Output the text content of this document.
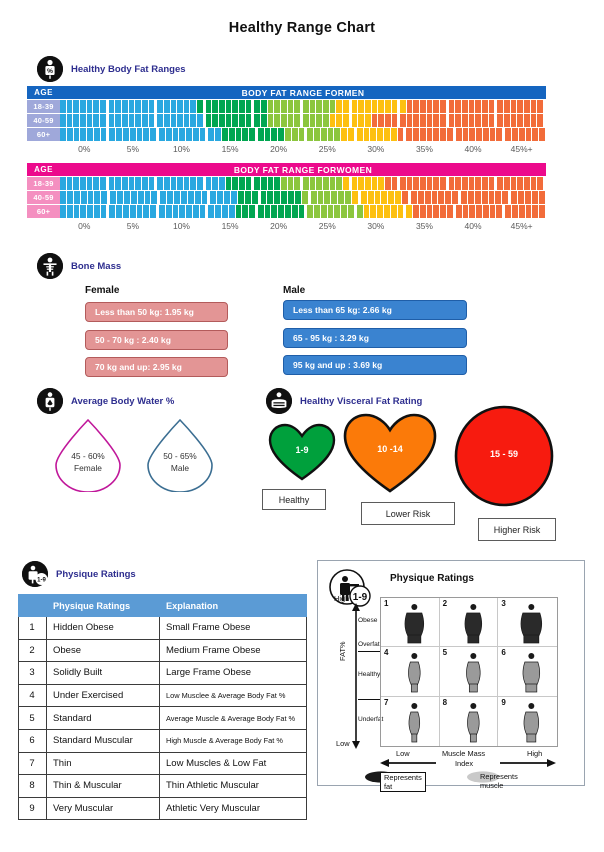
Healthy Range Chart
% Healthy Body Fat Ranges
AGE	BODY FAT RANGE FOR MEN
18-39
40-59
60+
0%	5%	10%	15%	20%	25%	30%	35%	40%	45%+
AGE	BODY FAT RANGE FOR WOMEN
18-39
40-59
60+
0%	5%	10%	15%	20%	25%	30%	35%	40%	45%+
Bone Mass
Female	Male
Less than 50 kg: 1.95 kg
50 - 70 kg : 2.40 kg
70 kg and up: 2.95 kg
Less than 65 kg: 2.66 kg
65 - 95 kg : 3.29 kg
95 kg and up : 3.69 kg
Average Body Water %
45 - 60%
Female
50 - 65%
Male
Healthy Visceral Fat Rating
1-9
Healthy
10 -14
Lower Risk
15 - 59
Higher Risk
1-9
Physique Ratings
	Physique Ratings	Explanation
1	Hidden Obese	Small Frame Obese
2	Obese	Medium Frame Obese
3	Solidly Built	Large Frame Obese
4	Under Exercised	Low Musclee & Average Body Fat %
5	Standard	Average Muscle & Average Body Fat %
6	Standard Muscular	High Muscle & Average Body Fat %
7	Thin	Low Muscles & Low Fat
8	Thin & Muscular	Thin Athletic Muscular
9	Very Muscular	Athletic Very Muscular
1-9
Physique Ratings
High
Low
FAT%
Obese
Overfat
Healthy
Underfat
1	2	3
4	5	6
7	8	9
Low	High
Muscle Mass
Index
Represents fat
Represents muscle
